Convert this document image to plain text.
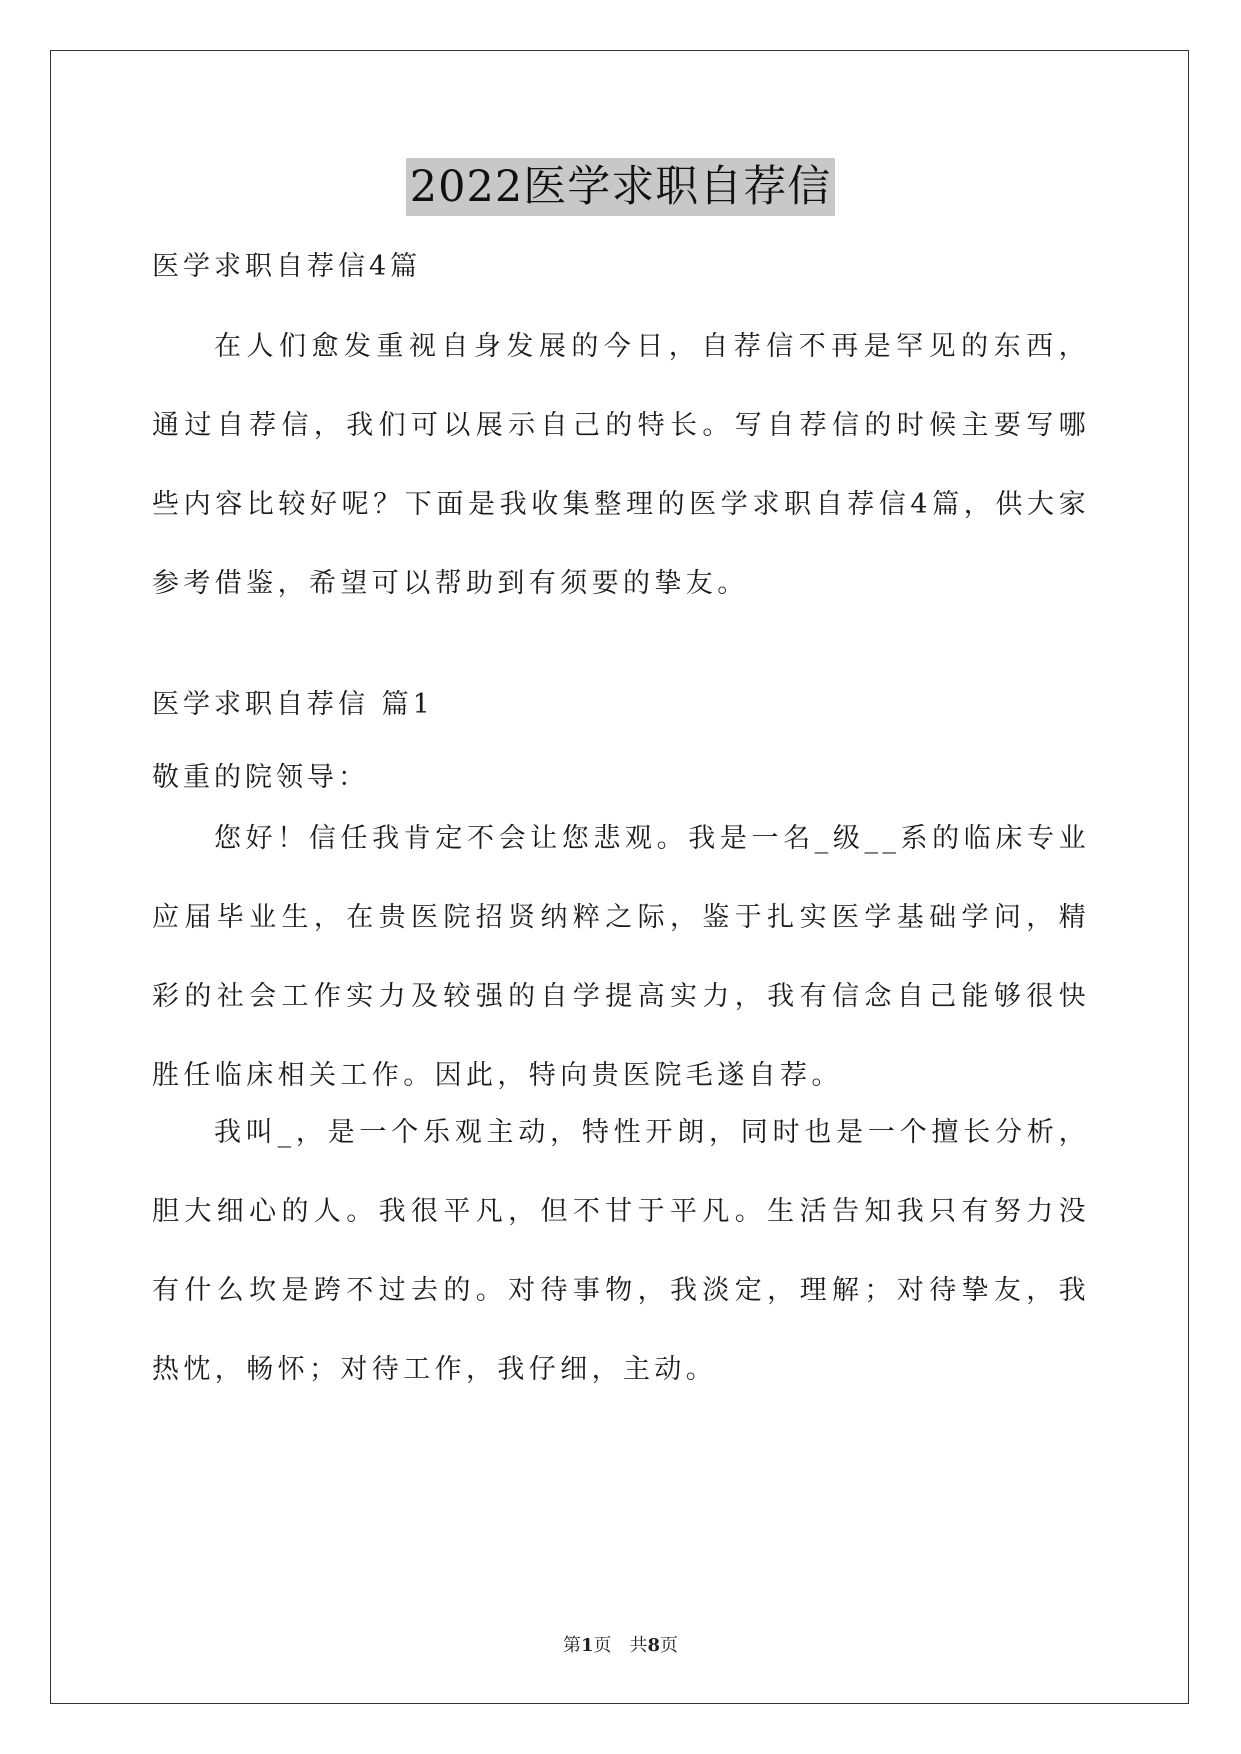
2022医学求职自荐信

医学求职自荐信4篇

在人们愈发重视自身发展的今日，自荐信不再是罕见的东西，通过自荐信，我们可以展示自己的特长。写自荐信的时候主要写哪些内容比较好呢？下面是我收集整理的医学求职自荐信4篇，供大家参考借鉴，希望可以帮助到有须要的挚友。

医学求职自荐信 篇1

敬重的院领导：

您好！信任我肯定不会让您悲观。我是一名_级__系的临床专业应届毕业生，在贵医院招贤纳粹之际，鉴于扎实医学基础学问，精彩的社会工作实力及较强的自学提高实力，我有信念自己能够很快胜任临床相关工作。因此，特向贵医院毛遂自荐。

我叫_，是一个乐观主动，特性开朗，同时也是一个擅长分析，胆大细心的人。我很平凡，但不甘于平凡。生活告知我只有努力没有什么坎是跨不过去的。对待事物，我淡定，理解；对待挚友，我热忱，畅怀；对待工作，我仔细，主动。

第1页　共8页
